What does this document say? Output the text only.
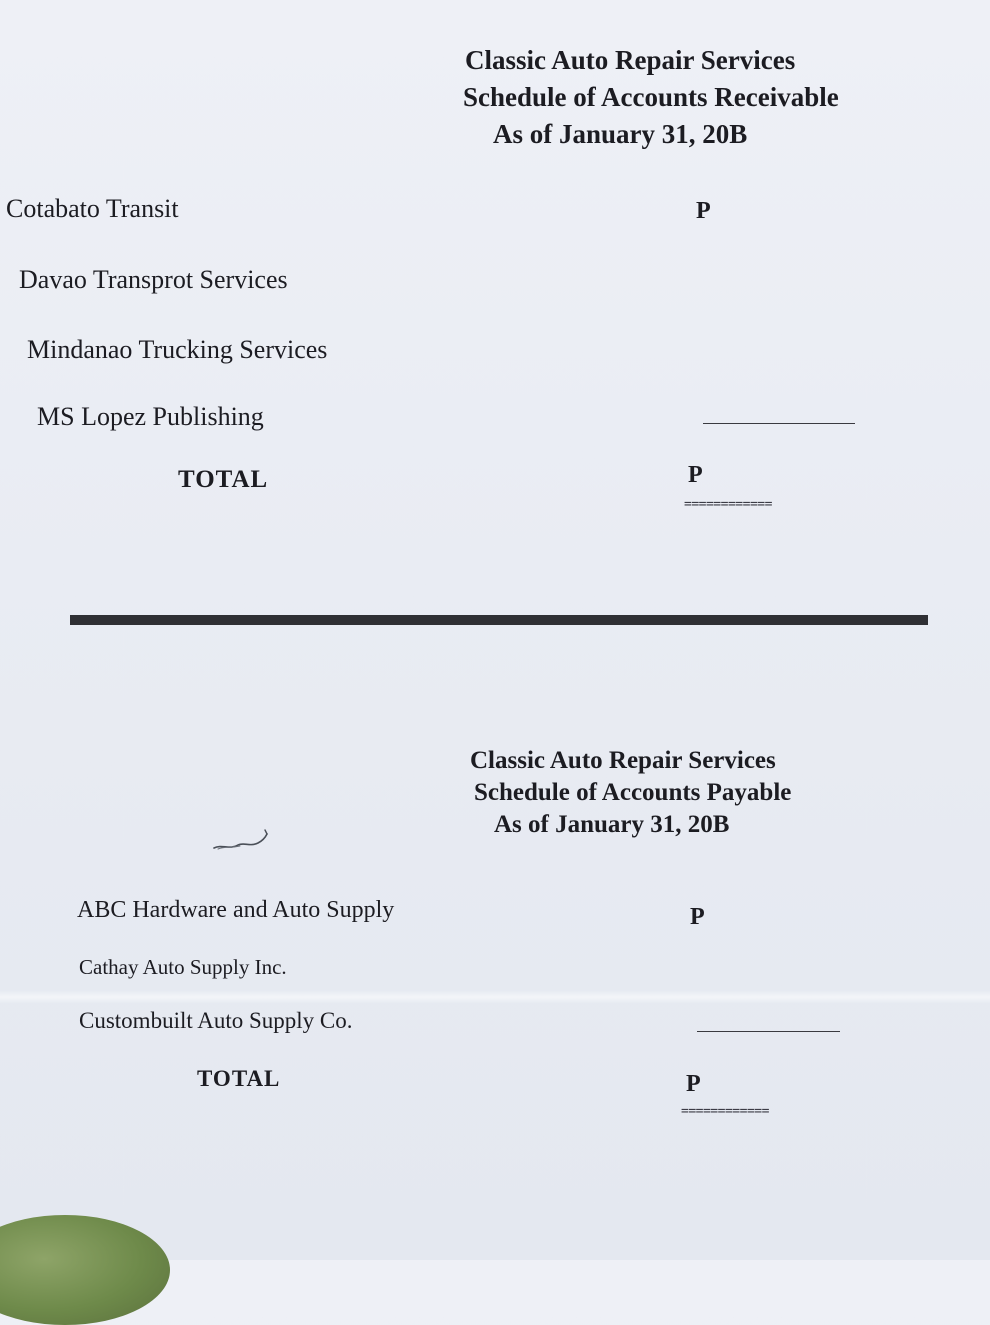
Classic Auto Repair Services
Schedule of Accounts Receivable
As of January 31, 20B
Cotabato Transit	P
Davao Transprot Services
Mindanao Trucking Services
MS Lopez Publishing
TOTAL	P
============
Classic Auto Repair Services
Schedule of Accounts Payable
As of January 31, 20B
ABC Hardware and Auto Supply	P
Cathay Auto Supply Inc.
Custombuilt Auto Supply Co.
TOTAL	P
============
